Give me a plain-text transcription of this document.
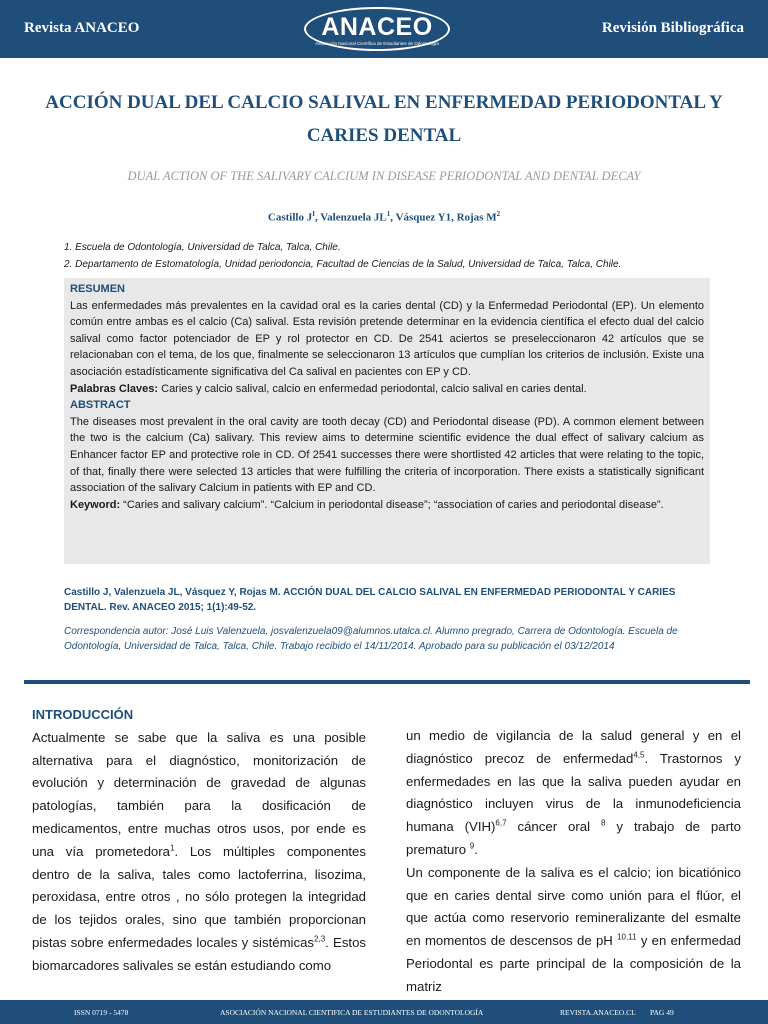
Revista ANACEO	ANACEO
Asociación Nacional Científica de Estudiantes de Odontología
Revisión Bibliográfica
ACCIÓN DUAL DEL CALCIO SALIVAL EN ENFERMEDAD PERIODONTAL Y
CARIES DENTAL
DUAL ACTION OF THE SALIVARY CALCIUM IN DISEASE PERIODONTAL AND DENTAL DECAY
Castillo $J^I$, Valenzuela $JL^1$, Vásquez Y1, Rojas $M^2$
1. Escuela de Odontología, Universidad de Talca, Talca, Chile.
2. Departamento de Estomatología, Unidad periodoncia, Facultad de Ciencias de la Salud, Universidad de Talca, Talca, Chile.

RESUMEN

Las enfermedades más prevalentes en la cavidad oral es la caries dental (CD) y la Enfermedad Periodontal (EP). Un elemento común entre ambas es el calcio (Ca) salival. Esta revisión pretende determinar en la evidencia científica el efecto dual del calcio salival como factor potenciador de EP y rol protector en CD. De 2541 aciertos se preseleccionaron 42 artículos que se relacionaban con el tema, de los que, finalmente se seleccionaron 13 artículos que cumplían los criterios de inclusión. Existe una asociación estadísticamente significativa del Ca salival en pacientes con EP y CD.

Palabras Claves: Caries y calcio salival, calcio en enfermedad periodontal, calcio salival en caries dental.

ABSTRACT

The diseases most prevalent in the oral cavity are tooth decay (CD) and Periodontal disease (PD). A common element between the two is the calcium (Ca) salivary. This review aims to determine scientific evidence the dual effect of salivary calcium as Enhancer factor EP and protective role in CD. Of 2541 successes there were shortlisted 42 articles that were relating to the topic, of that, finally there were selected 13 articles that were fulfilling the criteria of incorporation. There exists a statistically significant association of the salivary Calcium in patients with EP and CD.

Keyword: “Caries and salivary calcium”. “Calcium in periodontal disease”; “association of caries and periodontal disease”.

Castillo J, Valenzuela JL, Vásquez Y, Rojas M. ACCIÓN DUAL DEL CALCIO SALIVAL EN ENFERMEDAD PERIODONTAL Y CARIES DENTAL. Rev. ANACEO 2015; 1(1):49-52.
Correspondencia autor: José Luis Valenzuela, josvalenzuela09@alumnos.utalca.cl. Alumno pregrado, Carrera de Odontología. Escuela de Odontología, Universidad de Talca, Talca, Chile. Trabajo recibido el 14/11/2014. Aprobado para su publicación el 03/12/2014
INTRODUCCIÓN

Actualmente se sabe que la saliva es una posible alternativa para el diagnóstico, monitorización de evolución y determinación de gravedad de algunas patologías, también para la dosificación de medicamentos, entre muchas otros usos, por ende es una vía prometedora$^1$. Los múltiples componentes dentro de la saliva, tales como lactoferrina, lisozima, peroxidasa, entre otros , no sólo protegen la integridad de los tejidos orales, sino que también proporcionan pistas sobre enfermedades locales y sistémicas$^{2,3}$. Estos biomarcadores salivales se están estudiando como

un medio de vigilancia de la salud general y en el diagnóstico precoz de enfermedad$^{4,5}$. Trastornos y enfermedades en las que la saliva pueden ayudar en diagnóstico incluyen virus de la inmunodeficiencia humana (VIH)$^{6,7}$ cáncer oral $^8$ y trabajo de parto prematuro $^9$.

Un componente de la saliva es el calcio; ion bicatiónico que en caries dental sirve como unión para el flúor, el que actúa como reservorio remineralizante del esmalte en momentos de descensos de pH $^{10,11}$ y en enfermedad Periodontal es parte principal de la composición de la matriz

ISSN 0719 - 5478	ASOCIACIÓN NACIONAL CIENTIFICA DE ESTUDIANTES DE ODONTOLOGÍA	REVISTA.ANACEO.CL PAG 49
